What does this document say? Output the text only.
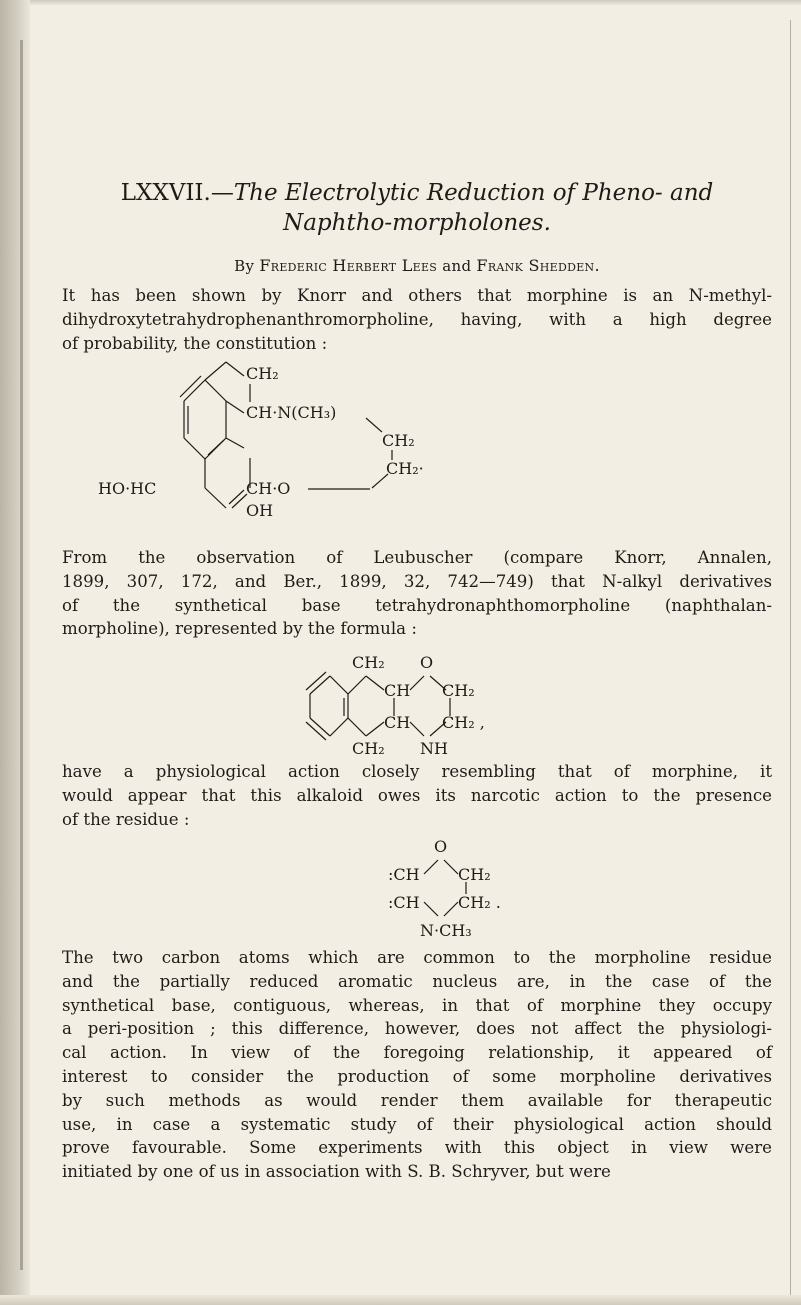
LXXVII.—The Electrolytic Reduction of Pheno- and
Naphtho-morpholones.
By Frederic Herbert Lees and Frank Shedden.
It has been shown by Knorr and others that morphine is an N-methyl-
dihydroxytetrahydrophenanthromorpholine, having, with a high degree
of probability, the constitution :
CH₂
CH·N(CH₃)
CH₂
CH₂·
CH·O
HO·HC
OH
From the observation of Leubuscher (compare Knorr, Annalen,
1899, 307, 172, and Ber., 1899, 32, 742—749) that N-alkyl derivatives
of the synthetical base tetrahydronaphthomorpholine (naphthalan-
morpholine), represented by the formula :
CH₂ O
CH CH₂
CH CH₂ ,
CH₂ NH
have a physiological action closely resembling that of morphine, it
would appear that this alkaloid owes its narcotic action to the presence
of the residue :
O
:CH CH₂
:CH CH₂ .
N·CH₃
The two carbon atoms which are common to the morpholine residue
and the partially reduced aromatic nucleus are, in the case of the
synthetical base, contiguous, whereas, in that of morphine they occupy
a peri-position ; this difference, however, does not affect the physiologi-
cal action. In view of the foregoing relationship, it appeared of
interest to consider the production of some morpholine derivatives
by such methods as would render them available for therapeutic
use, in case a systematic study of their physiological action should
prove favourable. Some experiments with this object in view were
initiated by one of us in association with S. B. Schryver, but were
